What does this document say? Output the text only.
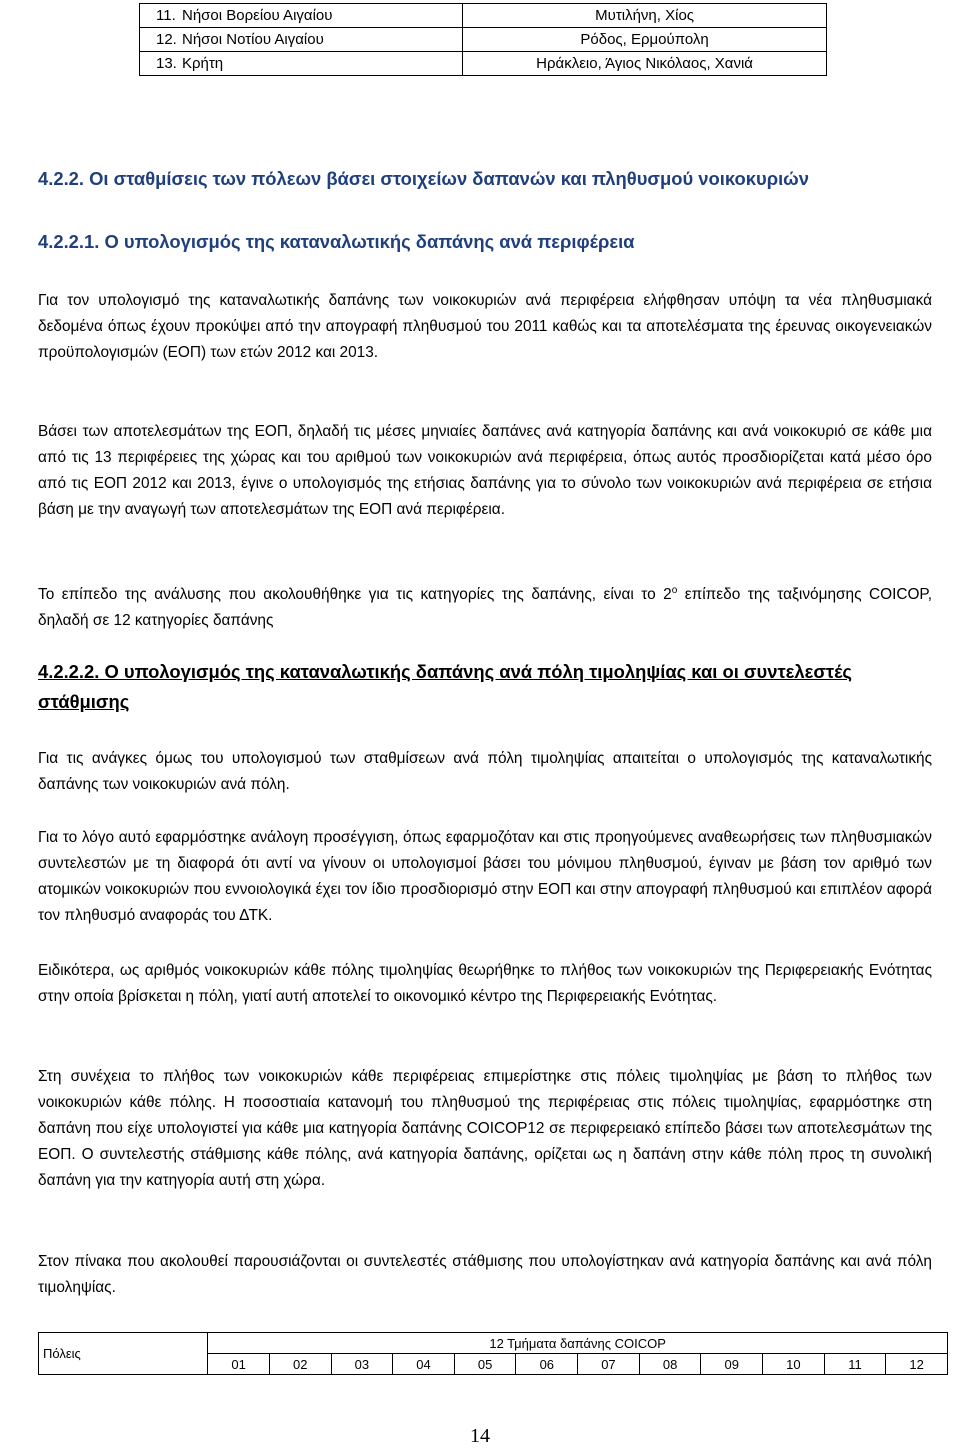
11. Νήσοι Βορείου Αιγαίου	Μυτιλήνη, Χίος
12. Νήσοι Νοτίου Αιγαίου	Ρόδος, Ερμούπολη
13. Κρήτη	Ηράκλειο, Άγιος Νικόλαος, Χανιά
4.2.2. Οι σταθμίσεις των πόλεων βάσει στοιχείων δαπανών και πληθυσμού νοικοκυριών
4.2.2.1. Ο υπολογισμός της καταναλωτικής δαπάνης ανά περιφέρεια

Για τον υπολογισμό της καταναλωτικής δαπάνης των νοικοκυριών ανά περιφέρεια ελήφθησαν υπόψη τα νέα πληθυσμιακά δεδομένα όπως έχουν προκύψει από την απογραφή πληθυσμού του 2011 καθώς και τα αποτελέσματα της έρευνας οικογενειακών προϋπολογισμών (ΕΟΠ) των ετών 2012 και 2013.

Βάσει των αποτελεσμάτων της ΕΟΠ, δηλαδή τις μέσες μηνιαίες δαπάνες ανά κατηγορία δαπάνης και ανά νοικοκυριό σε κάθε μια από τις 13 περιφέρειες της χώρας και του αριθμού των νοικοκυριών ανά περιφέρεια, όπως αυτός προσδιορίζεται κατά μέσο όρο από τις ΕΟΠ 2012 και 2013, έγινε ο υπολογισμός της ετήσιας δαπάνης για το σύνολο των νοικοκυριών ανά περιφέρεια σε ετήσια βάση με την αναγωγή των αποτελεσμάτων της ΕΟΠ ανά περιφέρεια.

Το επίπεδο της ανάλυσης που ακολουθήθηκε για τις κατηγορίες της δαπάνης, είναι το $2^o$ επίπεδο της ταξινόμησης COICOP, δηλαδή σε 12 κατηγορίες δαπάνης

4.2.2.2. Ο υπολογισμός της καταναλωτικής δαπάνης ανά πόλη τιμοληψίας και οι συντελεστές στάθμισης

Για τις ανάγκες όμως του υπολογισμού των σταθμίσεων ανά πόλη τιμοληψίας απαιτείται ο υπολογισμός της καταναλωτικής δαπάνης των νοικοκυριών ανά πόλη.

Για το λόγο αυτό εφαρμόστηκε ανάλογη προσέγγιση, όπως εφαρμοζόταν και στις προηγούμενες αναθεωρήσεις των πληθυσμιακών συντελεστών με τη διαφορά ότι αντί να γίνουν οι υπολογισμοί βάσει του μόνιμου πληθυσμού, έγιναν με βάση τον αριθμό των ατομικών νοικοκυριών που εννοιολογικά έχει τον ίδιο προσδιορισμό στην ΕΟΠ και στην απογραφή πληθυσμού και επιπλέον αφορά τον πληθυσμό αναφοράς του ΔΤΚ.

Ειδικότερα, ως αριθμός νοικοκυριών κάθε πόλης τιμοληψίας θεωρήθηκε το πλήθος των νοικοκυριών της Περιφερειακής Ενότητας στην οποία βρίσκεται η πόλη, γιατί αυτή αποτελεί το οικονομικό κέντρο της Περιφερειακής Ενότητας.

Στη συνέχεια το πλήθος των νοικοκυριών κάθε περιφέρειας επιμερίστηκε στις πόλεις τιμοληψίας με βάση το πλήθος των νοικοκυριών κάθε πόλης. Η ποσοστιαία κατανομή του πληθυσμού της περιφέρειας στις πόλεις τιμοληψίας, εφαρμόστηκε στη δαπάνη που είχε υπολογιστεί για κάθε μια κατηγορία δαπάνης COICOP12 σε περιφερειακό επίπεδο βάσει των αποτελεσμάτων της ΕΟΠ. Ο συντελεστής στάθμισης κάθε πόλης, ανά κατηγορία δαπάνης, ορίζεται ως η δαπάνη στην κάθε πόλη προς τη συνολική δαπάνη για την κατηγορία αυτή στη χώρα.

Στον πίνακα που ακολουθεί παρουσιάζονται οι συντελεστές στάθμισης που υπολογίστηκαν ανά κατηγορία δαπάνης και ανά πόλη τιμοληψίας.

Πόλεις	12 Τμήματα δαπάνης COICOP											
	01	02	03	04	05	06	07	08	09	10	11	12
14
